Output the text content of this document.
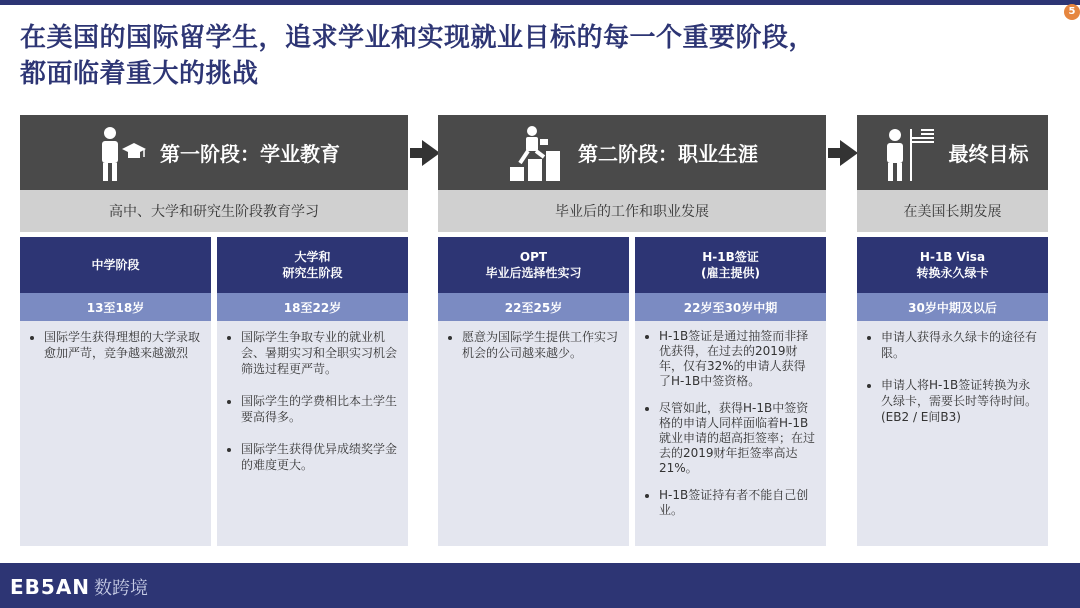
5
在美国的国际留学生，追求学业和实现就业目标的每一个重要阶段，
都面临着重大的挑战
第一阶段：学业教育	第二阶段：职业生涯	最终目标
高中、大学和研究生阶段教育学习	毕业后的工作和职业发展	在美国长期发展
中学阶段
13至18岁
• 国际学生获得理想的大学录取愈加严苛，竞争越来越激烈
大学和
研究生阶段
18至22岁
• 国际学生争取专业的就业机会、暑期实习和全职实习机会筛选过程更严苛。
• 国际学生的学费相比本土学生要高得多。
• 国际学生获得优异成绩奖学金的难度更大。
OPT
毕业后选择性实习
22至25岁
• 愿意为国际学生提供工作实习机会的公司越来越少。
H-1B签证
(雇主提供)
22岁至30岁中期
• H-1B签证是通过抽签而非择优获得，在过去的2019财年，仅有32%的申请人获得了H-1B中签资格。
• 尽管如此，获得H-1B中签资格的申请人同样面临着H-1B就业申请的超高拒签率；在过去的2019财年拒签率高达21%。
• H-1B签证持有者不能自己创业。
H-1B Visa
转换永久绿卡
30岁中期及以后
• 申请人获得永久绿卡的途径有限。
• 申请人将H-1B签证转换为永久绿卡，需要长时等待时间。 (EB2 / E间B3)
EB5AN 数跨境
